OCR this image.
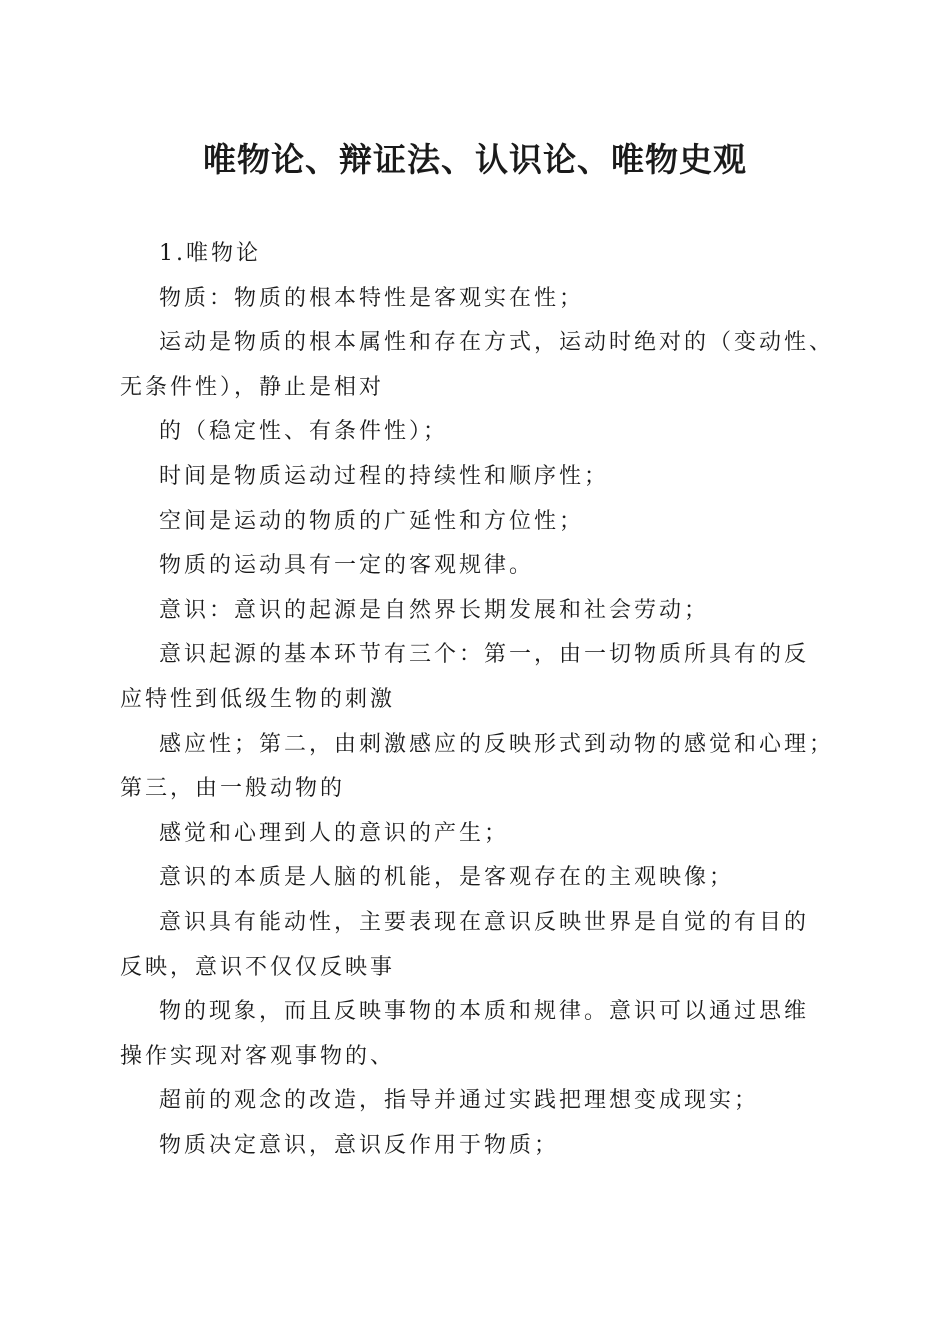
唯物论、辩证法、认识论、唯物史观
1.唯物论
物质：物质的根本特性是客观实在性；
运动是物质的根本属性和存在方式，运动时绝对的（变动性、
无条件性），静止是相对
的（稳定性、有条件性）；
时间是物质运动过程的持续性和顺序性；
空间是运动的物质的广延性和方位性；
物质的运动具有一定的客观规律。
意识：意识的起源是自然界长期发展和社会劳动；
意识起源的基本环节有三个：第一，由一切物质所具有的反
应特性到低级生物的刺激
感应性；第二，由刺激感应的反映形式到动物的感觉和心理；
第三，由一般动物的
感觉和心理到人的意识的产生；
意识的本质是人脑的机能，是客观存在的主观映像；
意识具有能动性，主要表现在意识反映世界是自觉的有目的
反映，意识不仅仅反映事
物的现象，而且反映事物的本质和规律。意识可以通过思维
操作实现对客观事物的、
超前的观念的改造，指导并通过实践把理想变成现实；
物质决定意识，意识反作用于物质；
